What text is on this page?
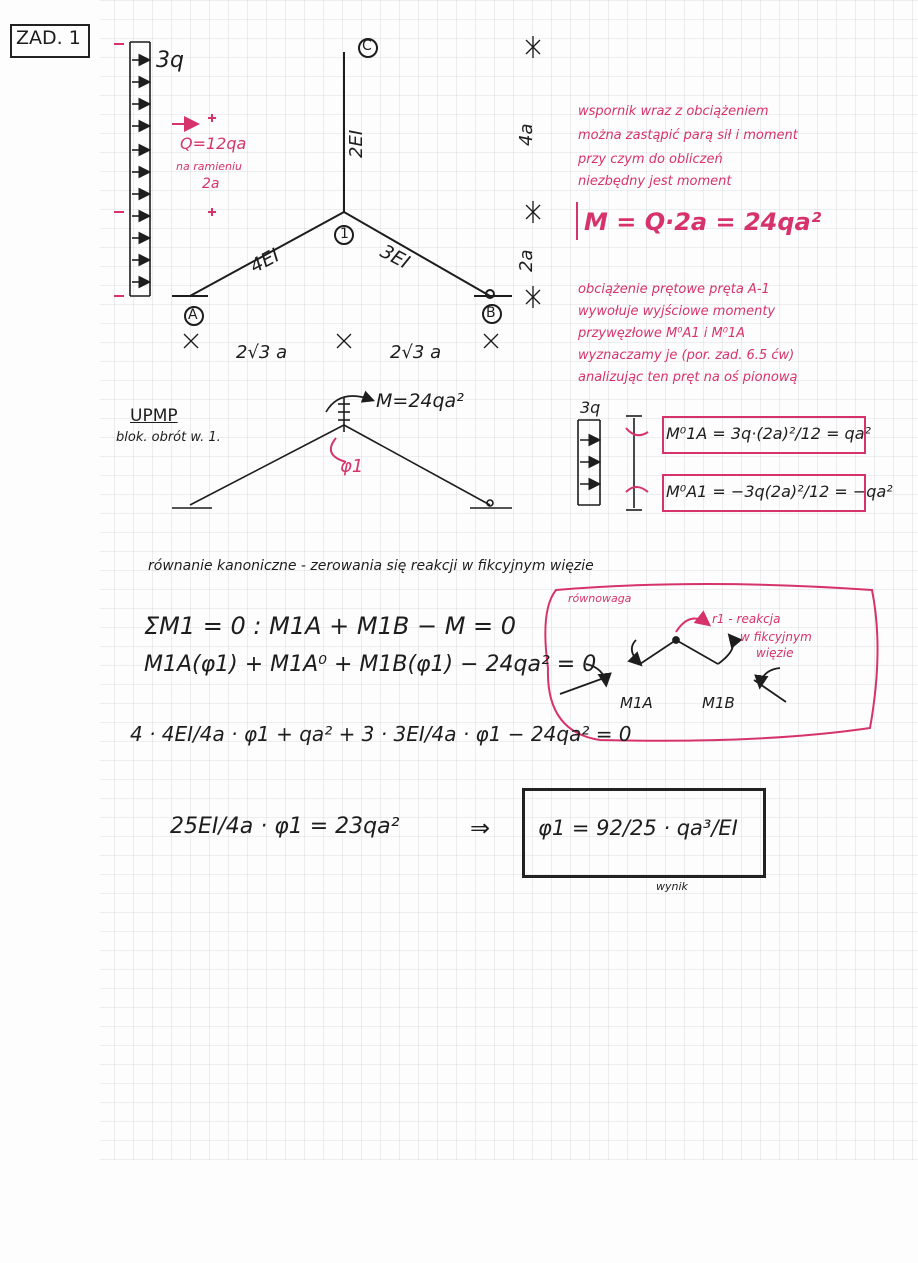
ZAD. 1
3q
C
1
A	B
2EI
4EI	3EI
4a
2a
2√3 a	2√3 a
Q=12qa
na ramieniu
2a
wspornik wraz z obciążeniem
można zastąpić parą sił i moment
przy czym do obliczeń
niezbędny jest moment
M = Q·2a = 24qa²
obciążenie prętowe pręta A-1
wywołuje wyjściowe momenty
przywęzłowe M⁰A1 i M⁰1A
wyznaczamy je (por. zad. 6.5 ćw)
analizując ten pręt na oś pionową
UPMP
blok. obrót w. 1.
M=24qa²
φ1
3q
M⁰1A = 3q·(2a)²/12 = qa²
M⁰A1 = −3q(2a)²/12 = −qa²
równanie kanoniczne - zerowania się reakcji w fikcyjnym więzie
równowaga
r1 - reakcja
w fikcyjnym
więzie
M1A	M1B
ΣM1 = 0 : M1A + M1B − M = 0
M1A(φ1) + M1A⁰ + M1B(φ1) − 24qa² = 0
4 · 4EI/4a · φ1 + qa² + 3 · 3EI/4a · φ1 − 24qa² = 0
25EI/4a · φ1 = 23qa²	⇒ φ1 = 92/25 · qa³/EI
wynik
